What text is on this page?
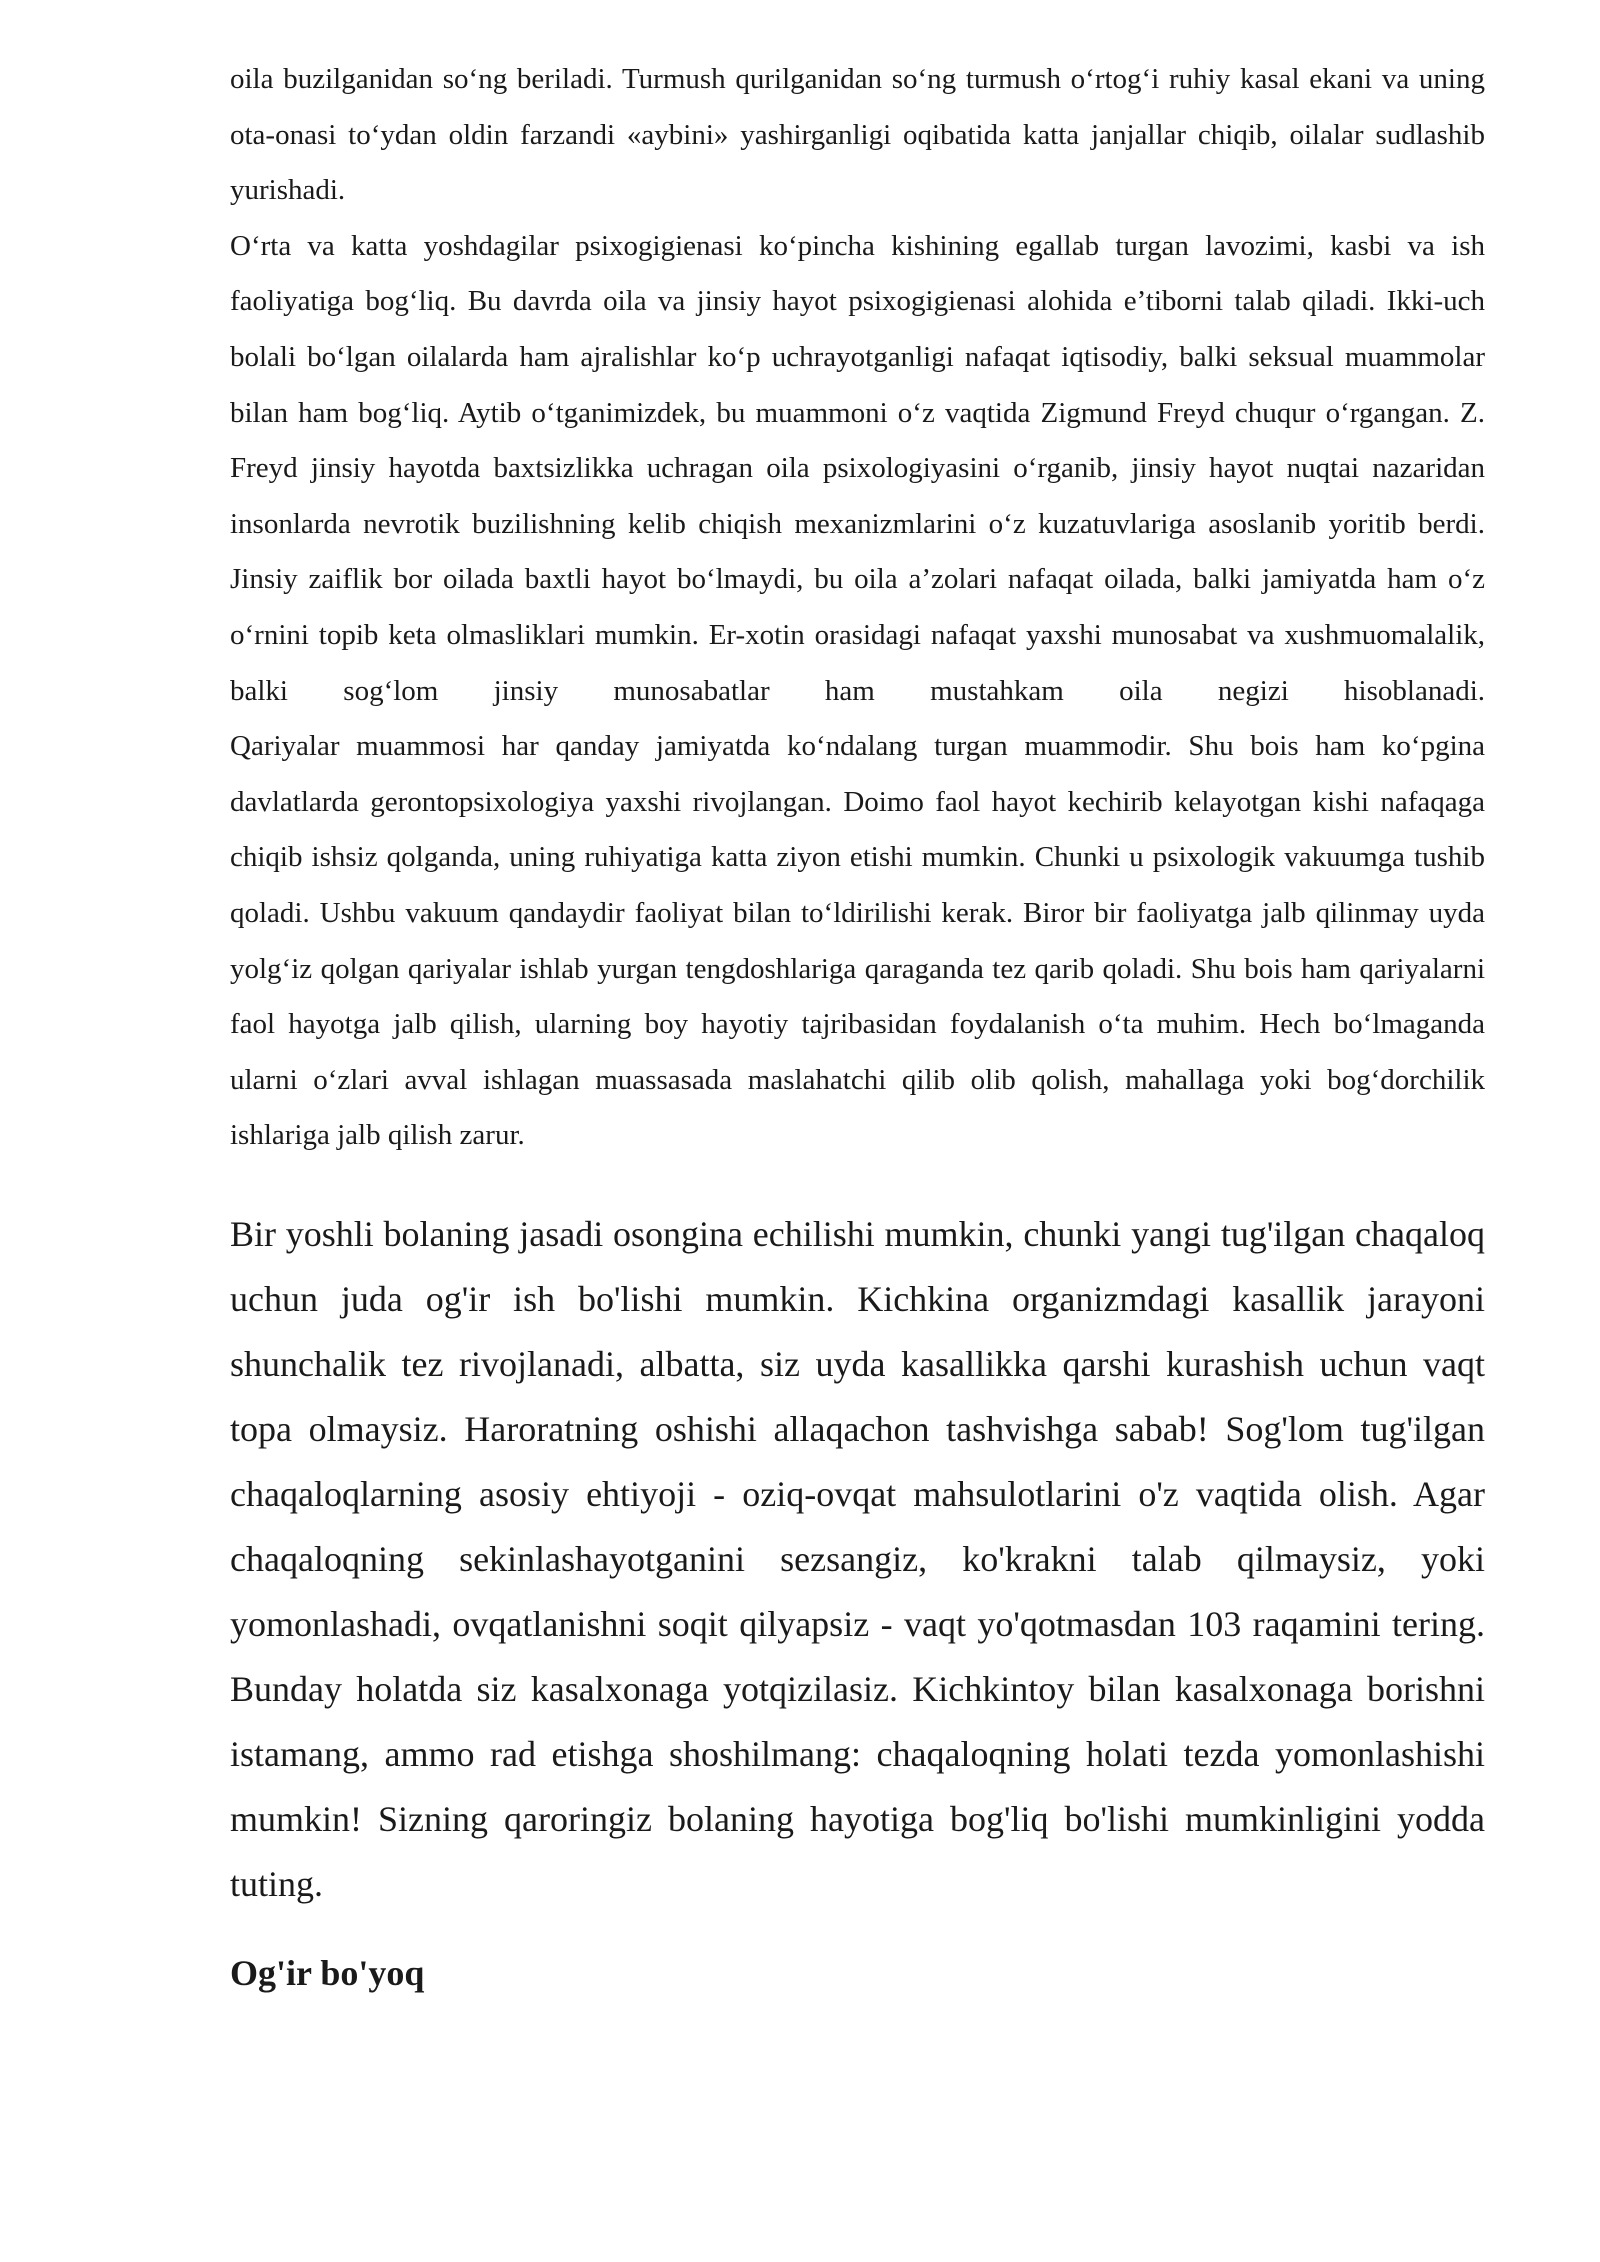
oila buzilganidan so‘ng beriladi. Turmush qurilganidan so‘ng turmush o‘rtog‘i ruhiy kasal ekani va uning ota-onasi to‘ydan oldin farzandi «aybini» yashirganligi oqibatida katta janjallar chiqib, oilalar sudlashib yurishadi.
O‘rta va katta yoshdagilar psixogigienasi ko‘pincha kishining egallab turgan lavozimi, kasbi va ish faoliyatiga bog‘liq. Bu davrda oila va jinsiy hayot psixogigienasi alohida e’tiborni talab qiladi. Ikki-uch bolali bo‘lgan oilalarda ham ajralishlar ko‘p uchrayotganligi nafaqat iqtisodiy, balki seksual muammolar bilan ham bog‘liq. Aytib o‘tganimizdek, bu muammoni o‘z vaqtida Zigmund Freyd chuqur o‘rgangan. Z. Freyd jinsiy hayotda baxtsizlikka uchragan oila psixologiyasini o‘rganib, jinsiy hayot nuqtai nazaridan insonlarda nevrotik buzilishning kelib chiqish mexanizmlarini o‘z kuzatuvlariga asoslanib yoritib berdi. Jinsiy zaiflik bor oilada baxtli hayot bo‘lmaydi, bu oila a’zolari nafaqat oilada, balki jamiyatda ham o‘z o‘rnini topib keta olmasliklari mumkin. Er-xotin orasidagi nafaqat yaxshi munosabat va xushmuomalalik, balki sog‘lom jinsiy munosabatlar ham mustahkam oila negizi hisoblanadi.
Qariyalar muammosi har qanday jamiyatda ko‘ndalang turgan muammodir. Shu bois ham ko‘pgina davlatlarda gerontopsixologiya yaxshi rivojlangan. Doimo faol hayot kechirib kelayotgan kishi nafaqaga chiqib ishsiz qolganda, uning ruhiyatiga katta ziyon etishi mumkin. Chunki u psixologik vakuumga tushib qoladi. Ushbu vakuum qandaydir faoliyat bilan to‘ldirilishi kerak. Biror bir faoliyatga jalb qilinmay uyda yolg‘iz qolgan qariyalar ishlab yurgan tengdoshlariga qaraganda tez qarib qoladi. Shu bois ham qariyalarni faol hayotga jalb qilish, ularning boy hayotiy tajribasidan foydalanish o‘ta muhim. Hech bo‘lmaganda ularni o‘zlari avval ishlagan muassasada maslahatchi qilib olib qolish, mahallaga yoki bog‘dorchilik ishlariga jalb qilish zarur.

Bir yoshli bolaning jasadi osongina echilishi mumkin, chunki yangi tug'ilgan chaqaloq uchun juda og'ir ish bo'lishi mumkin. Kichkina organizmdagi kasallik jarayoni shunchalik tez rivojlanadi, albatta, siz uyda kasallikka qarshi kurashish uchun vaqt topa olmaysiz. Haroratning oshishi allaqachon tashvishga sabab! Sog'lom tug'ilgan chaqaloqlarning asosiy ehtiyoji - oziq-ovqat mahsulotlarini o'z vaqtida olish. Agar chaqaloqning sekinlashayotganini sezsangiz, ko'krakni talab qilmaysiz, yoki yomonlashadi, ovqatlanishni soqit qilyapsiz - vaqt yo'qotmasdan 103 raqamini tering. Bunday holatda siz kasalxonaga yotqizilasiz. Kichkintoy bilan kasalxonaga borishni istamang, ammo rad etishga shoshilmang: chaqaloqning holati tezda yomonlashishi mumkin! Sizning qaroringiz bolaning hayotiga bog'liq bo'lishi mumkinligini yodda tuting.

Og'ir bo'yoq
